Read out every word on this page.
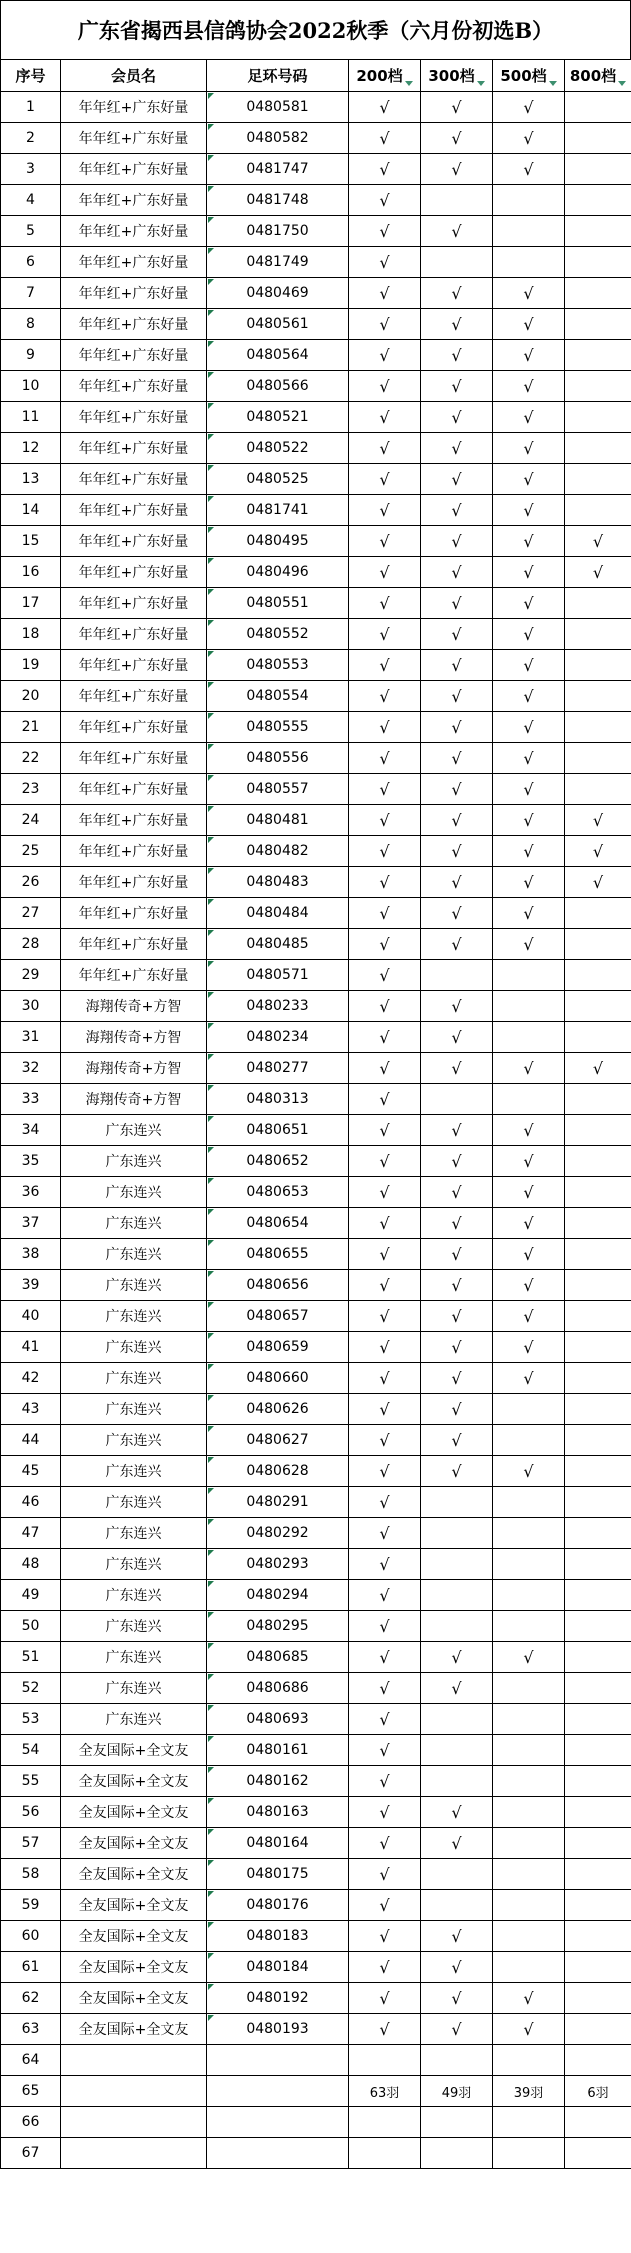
广东省揭西县信鸽协会2022秋季（六月份初选B）
序号	会员名	足环号码	200档	300档	500档	800档
1	年年红+广东好量	0480581	√	√	√	
2	年年红+广东好量	0480582	√	√	√	
3	年年红+广东好量	0481747	√	√	√	
4	年年红+广东好量	0481748	√			
5	年年红+广东好量	0481750	√	√		
6	年年红+广东好量	0481749	√			
7	年年红+广东好量	0480469	√	√	√	
8	年年红+广东好量	0480561	√	√	√	
9	年年红+广东好量	0480564	√	√	√	
10	年年红+广东好量	0480566	√	√	√	
11	年年红+广东好量	0480521	√	√	√	
12	年年红+广东好量	0480522	√	√	√	
13	年年红+广东好量	0480525	√	√	√	
14	年年红+广东好量	0481741	√	√	√	
15	年年红+广东好量	0480495	√	√	√	√
16	年年红+广东好量	0480496	√	√	√	√
17	年年红+广东好量	0480551	√	√	√	
18	年年红+广东好量	0480552	√	√	√	
19	年年红+广东好量	0480553	√	√	√	
20	年年红+广东好量	0480554	√	√	√	
21	年年红+广东好量	0480555	√	√	√	
22	年年红+广东好量	0480556	√	√	√	
23	年年红+广东好量	0480557	√	√	√	
24	年年红+广东好量	0480481	√	√	√	√
25	年年红+广东好量	0480482	√	√	√	√
26	年年红+广东好量	0480483	√	√	√	√
27	年年红+广东好量	0480484	√	√	√	
28	年年红+广东好量	0480485	√	√	√	
29	年年红+广东好量	0480571	√			
30	海翔传奇+方智	0480233	√	√		
31	海翔传奇+方智	0480234	√	√		
32	海翔传奇+方智	0480277	√	√	√	√
33	海翔传奇+方智	0480313	√			
34	广东连兴	0480651	√	√	√	
35	广东连兴	0480652	√	√	√	
36	广东连兴	0480653	√	√	√	
37	广东连兴	0480654	√	√	√	
38	广东连兴	0480655	√	√	√	
39	广东连兴	0480656	√	√	√	
40	广东连兴	0480657	√	√	√	
41	广东连兴	0480659	√	√	√	
42	广东连兴	0480660	√	√	√	
43	广东连兴	0480626	√	√		
44	广东连兴	0480627	√	√		
45	广东连兴	0480628	√	√	√	
46	广东连兴	0480291	√			
47	广东连兴	0480292	√			
48	广东连兴	0480293	√			
49	广东连兴	0480294	√			
50	广东连兴	0480295	√			
51	广东连兴	0480685	√	√	√	
52	广东连兴	0480686	√	√		
53	广东连兴	0480693	√			
54	全友国际+全文友	0480161	√			
55	全友国际+全文友	0480162	√			
56	全友国际+全文友	0480163	√	√		
57	全友国际+全文友	0480164	√	√		
58	全友国际+全文友	0480175	√			
59	全友国际+全文友	0480176	√			
60	全友国际+全文友	0480183	√	√		
61	全友国际+全文友	0480184	√	√		
62	全友国际+全文友	0480192	√	√	√	
63	全友国际+全文友	0480193	√	√	√	
64						
65			63羽	49羽	39羽	6羽
66						
67						
